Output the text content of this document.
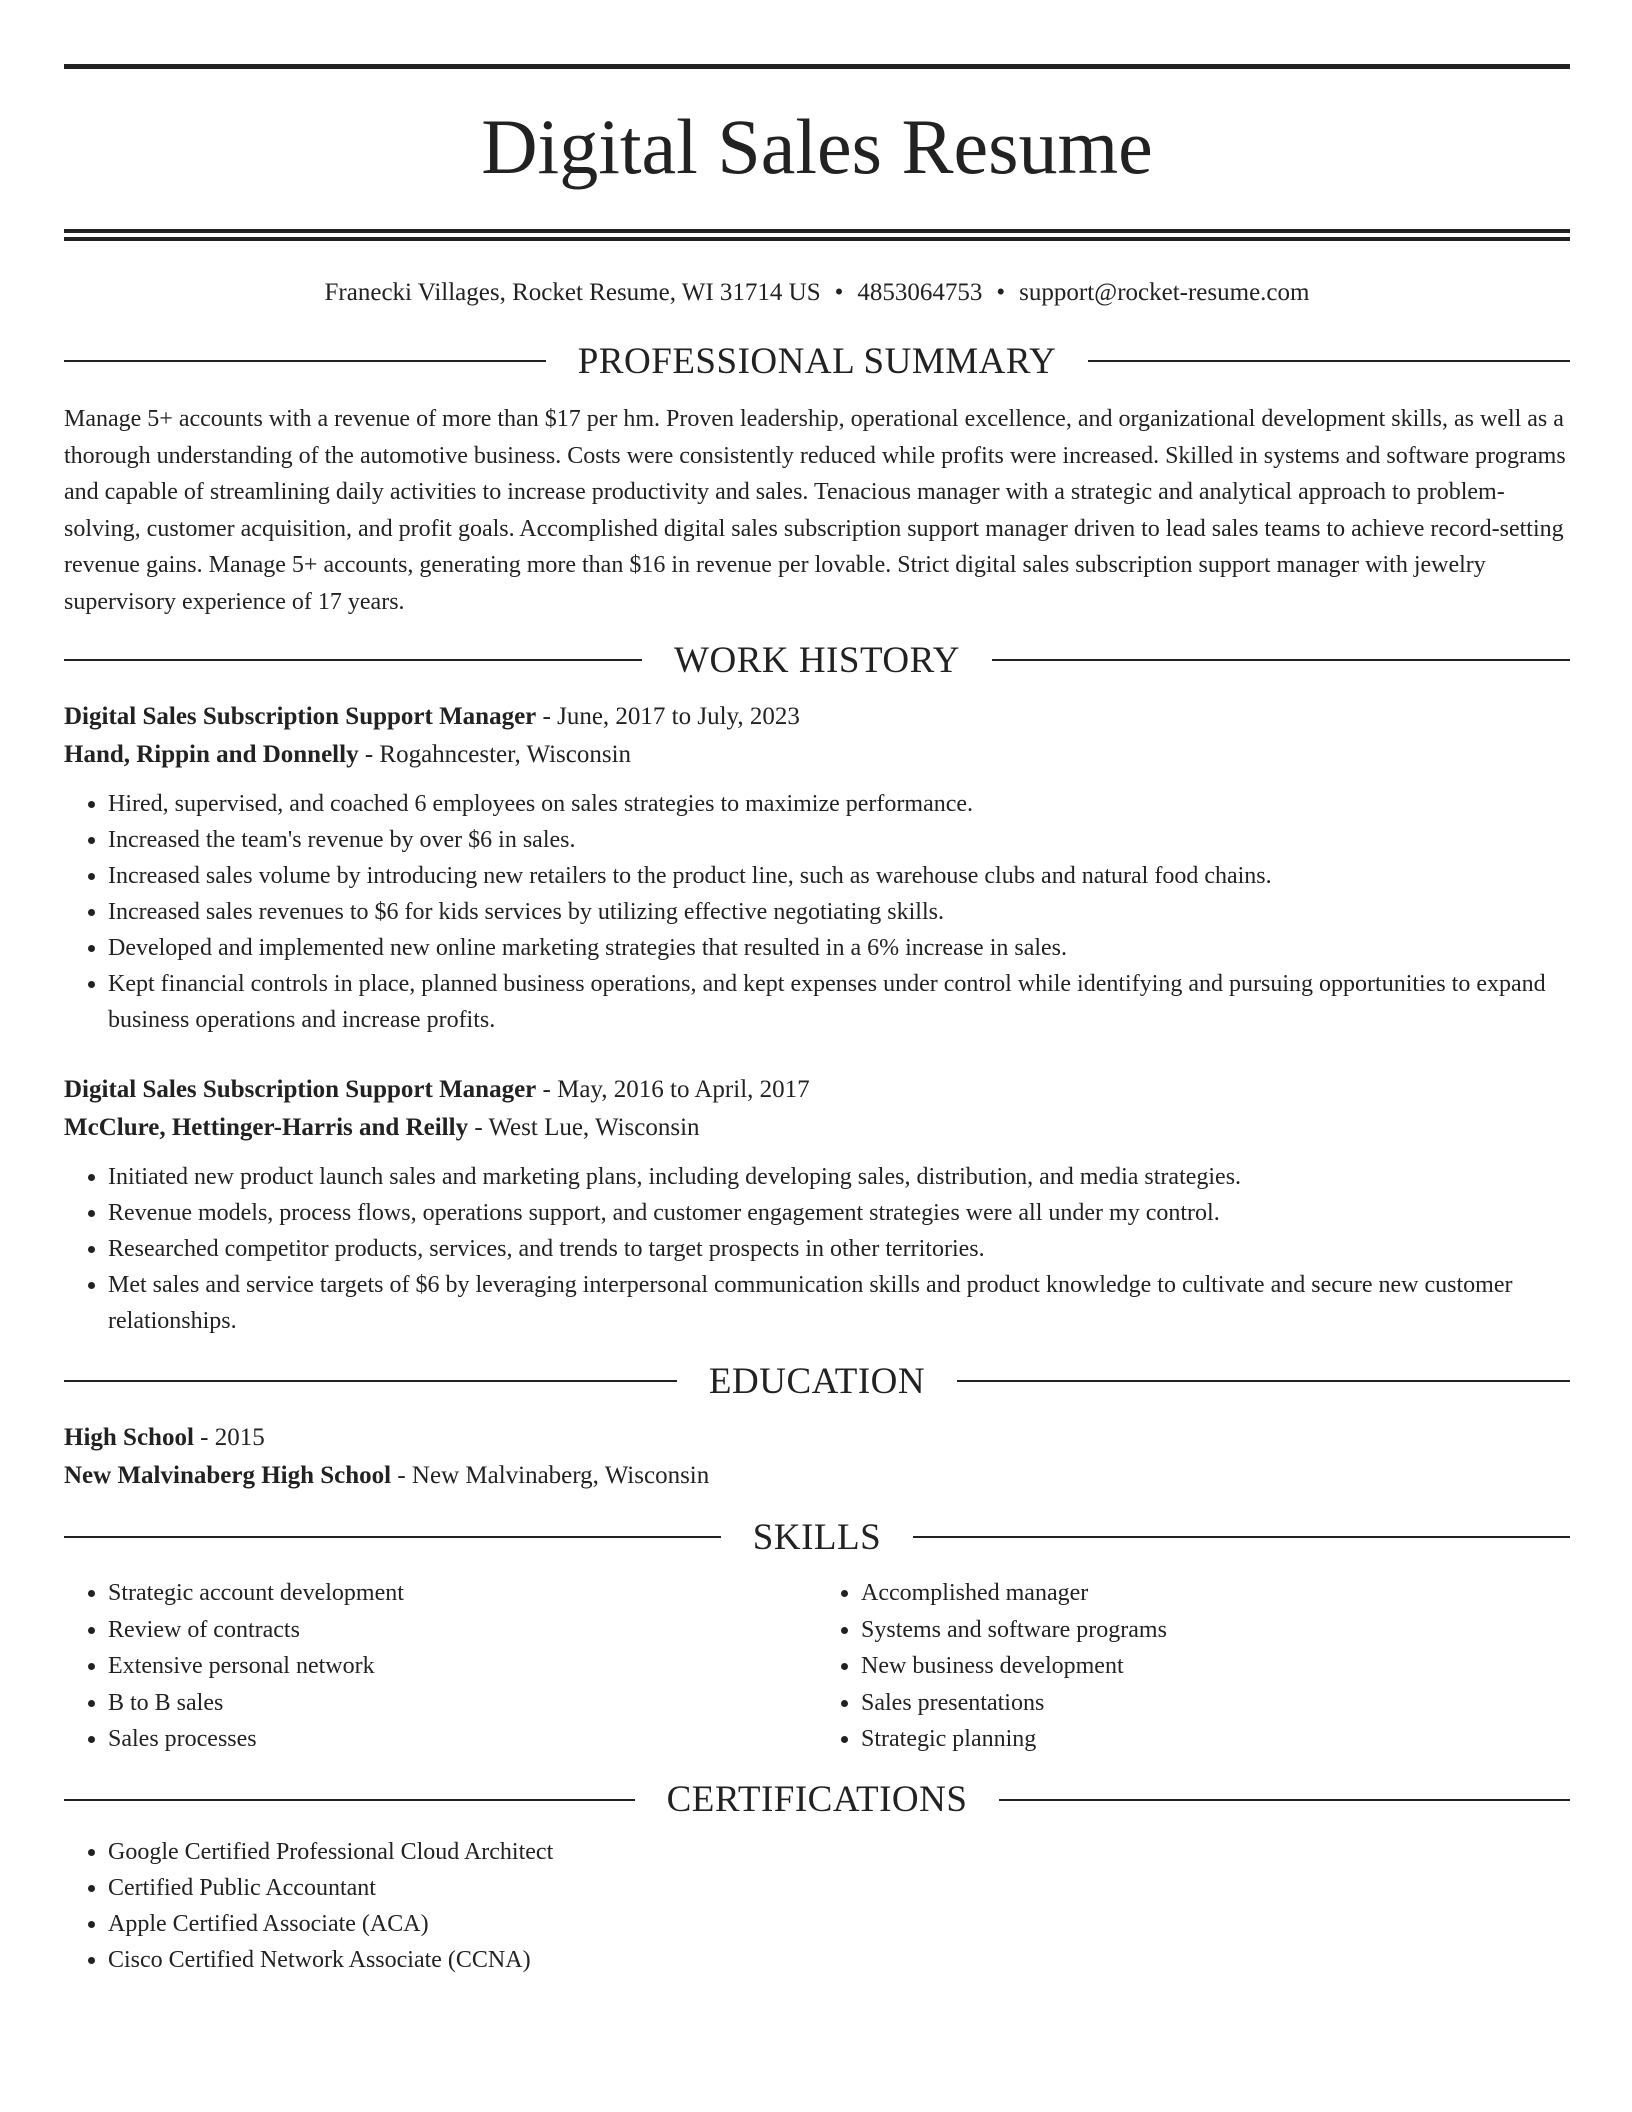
Digital Sales Resume
Franecki Villages, Rocket Resume, WI 31714 US • 4853064753 • support@rocket-resume.com
PROFESSIONAL SUMMARY

Manage 5+ accounts with a revenue of more than $17 per hm. Proven leadership, operational excellence, and organizational development skills, as well as a thorough understanding of the automotive business. Costs were consistently reduced while profits were increased. Skilled in systems and software programs and capable of streamlining daily activities to increase productivity and sales. Tenacious manager with a strategic and analytical approach to problem-solving, customer acquisition, and profit goals. Accomplished digital sales subscription support manager driven to lead sales teams to achieve record-setting revenue gains. Manage 5+ accounts, generating more than $16 in revenue per lovable. Strict digital sales subscription support manager with jewelry supervisory experience of 17 years.

WORK HISTORY
Digital Sales Subscription Support Manager - June, 2017 to July, 2023
Hand, Rippin and Donnelly - Rogahncester, Wisconsin
• Hired, supervised, and coached 6 employees on sales strategies to maximize performance.
• Increased the team's revenue by over $6 in sales.
• Increased sales volume by introducing new retailers to the product line, such as warehouse clubs and natural food chains.
• Increased sales revenues to $6 for kids services by utilizing effective negotiating skills.
• Developed and implemented new online marketing strategies that resulted in a 6% increase in sales.
• Kept financial controls in place, planned business operations, and kept expenses under control while identifying and pursuing opportunities to expand business operations and increase profits.
Digital Sales Subscription Support Manager - May, 2016 to April, 2017
McClure, Hettinger-Harris and Reilly - West Lue, Wisconsin
• Initiated new product launch sales and marketing plans, including developing sales, distribution, and media strategies.
• Revenue models, process flows, operations support, and customer engagement strategies were all under my control.
• Researched competitor products, services, and trends to target prospects in other territories.
• Met sales and service targets of $6 by leveraging interpersonal communication skills and product knowledge to cultivate and secure new customer relationships.
EDUCATION
High School - 2015
New Malvinaberg High School - New Malvinaberg, Wisconsin
SKILLS
• Strategic account development
• Review of contracts
• Extensive personal network
• B to B sales
• Sales processes
• Accomplished manager
• Systems and software programs
• New business development
• Sales presentations
• Strategic planning
CERTIFICATIONS
• Google Certified Professional Cloud Architect
• Certified Public Accountant
• Apple Certified Associate (ACA)
• Cisco Certified Network Associate (CCNA)
